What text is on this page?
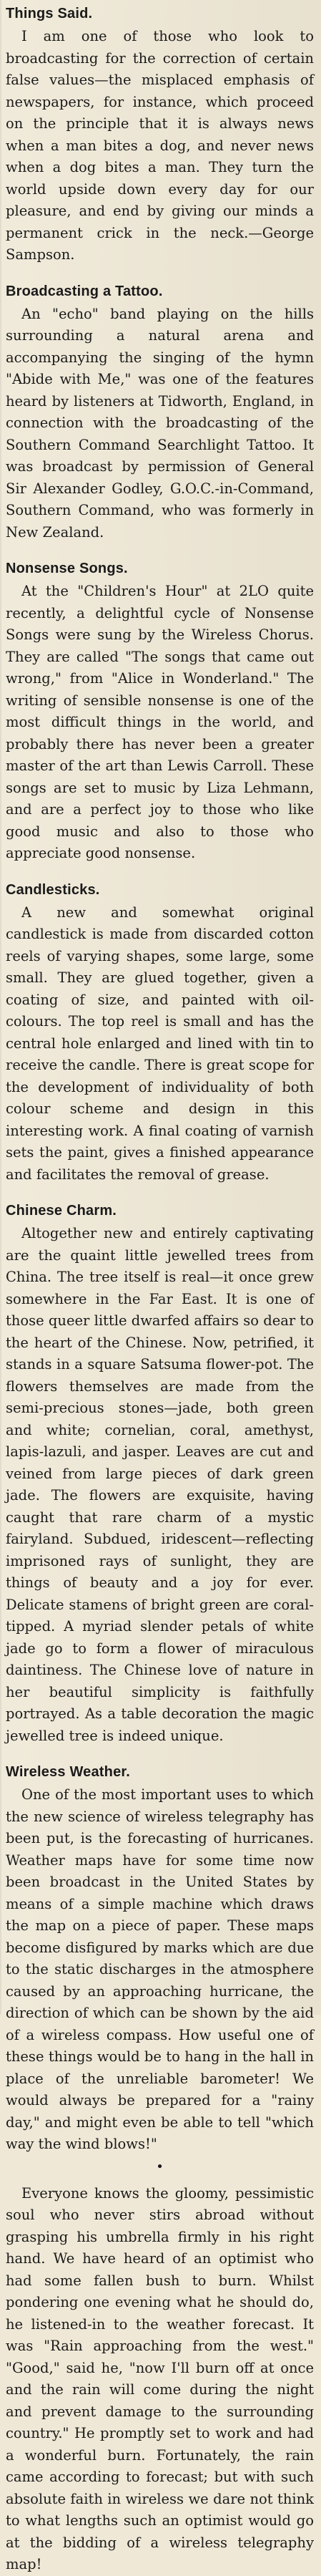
Things Said.

I am one of those who look to broadcasting for the correction of certain false values—the misplaced emphasis of newspapers, for instance, which proceed on the principle that it is always news when a man bites a dog, and never news when a dog bites a man. They turn the world upside down every day for our pleasure, and end by giving our minds a permanent crick in the neck.—George Sampson.

Broadcasting a Tattoo.

An "echo" band playing on the hills surrounding a natural arena and accompanying the singing of the hymn "Abide with Me," was one of the features heard by listeners at Tidworth, England, in connection with the broadcasting of the Southern Command Searchlight Tattoo. It was broadcast by permission of General Sir Alexander Godley, G.O.C.-in-Command, Southern Command, who was formerly in New Zealand.

Nonsense Songs.

At the "Children's Hour" at 2LO quite recently, a delightful cycle of Nonsense Songs were sung by the Wireless Chorus. They are called "The songs that came out wrong," from "Alice in Wonderland." The writing of sensible nonsense is one of the most difficult things in the world, and probably there has never been a greater master of the art than Lewis Carroll. These songs are set to music by Liza Lehmann, and are a perfect joy to those who like good music and also to those who appreciate good nonsense.

Candlesticks.

A new and somewhat original candlestick is made from discarded cotton reels of varying shapes, some large, some small. They are glued together, given a coating of size, and painted with oil-colours. The top reel is small and has the central hole enlarged and lined with tin to receive the candle. There is great scope for the development of individuality of both colour scheme and design in this interesting work. A final coating of varnish sets the paint, gives a finished appearance and facilitates the removal of grease.

Chinese Charm.

Altogether new and entirely captivating are the quaint little jewelled trees from China. The tree itself is real—it once grew somewhere in the Far East. It is one of those queer little dwarfed affairs so dear to the heart of the Chinese. Now, petrified, it stands in a square Satsuma flower-pot. The flowers themselves are made from the semi-precious stones—jade, both green and white; cornelian, coral, amethyst, lapis-lazuli, and jasper. Leaves are cut and veined from large pieces of dark green jade. The flowers are exquisite, having caught that rare charm of a mystic fairyland. Subdued, iridescent—reflecting imprisoned rays of sunlight, they are things of beauty and a joy for ever. Delicate stamens of bright green are coral-tipped. A myriad slender petals of white jade go to form a flower of miraculous daintiness. The Chinese love of nature in her beautiful simplicity is faithfully portrayed. As a table decoration the magic jewelled tree is indeed unique.

Wireless Weather.

One of the most important uses to which the new science of wireless telegraphy has been put, is the forecasting of hurricanes. Weather maps have for some time now been broadcast in the United States by means of a simple machine which draws the map on a piece of paper. These maps become disfigured by marks which are due to the static discharges in the atmosphere caused by an approaching hurricane, the direction of which can be shown by the aid of a wireless compass. How useful one of these things would be to hang in the hall in place of the unreliable barometer! We would always be prepared for a "rainy day," and might even be able to tell "which way the wind blows!"

•

Everyone knows the gloomy, pessimistic soul who never stirs abroad without grasping his umbrella firmly in his right hand. We have heard of an optimist who had some fallen bush to burn. Whilst pondering one evening what he should do, he listened-in to the weather forecast. It was "Rain approaching from the west." "Good," said he, "now I'll burn off at once and the rain will come during the night and prevent damage to the surrounding country." He promptly set to work and had a wonderful burn. Fortunately, the rain came according to forecast; but with such absolute faith in wireless we dare not think to what lengths such an optimist would go at the bidding of a wireless telegraphy map!
